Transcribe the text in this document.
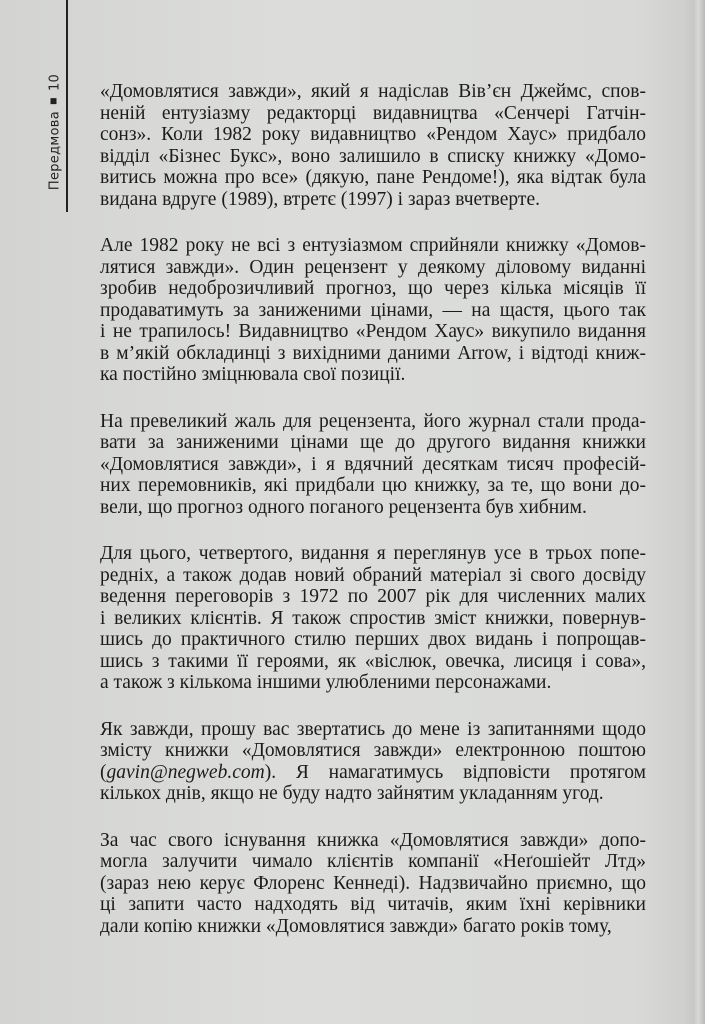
Передмова10 «Домовлятися завжди», який я надіслав Вів’єн Джеймс, спов-
неній ентузіазму редакторці видавництва «Сенчері Гатчін-
сонз». Коли 1982 року видавництво «Рендом Хаус» придбало
відділ «Бізнес Букс», воно залишило в списку книжку «Домо-
витись можна про все» (дякую, пане Рендоме!), яка відтак була
видана вдруге (1989), втретє (1997) і зараз вчетверте.
Але 1982 року не всі з ентузіазмом сприйняли книжку «Домов-
лятися завжди». Один рецензент у деякому діловому виданні
зробив недоброзичливий прогноз, що через кілька місяців її
продаватимуть за заниженими цінами, — на щастя, цього так
і не трапилось! Видавництво «Рендом Хаус» викупило видання
в м’якій обкладинці з вихідними даними Arrow, і відтоді книж-
ка постійно зміцнювала свої позиції.
На превеликий жаль для рецензента, його журнал стали прода-
вати за заниженими цінами ще до другого видання книжки
«Домовлятися завжди», і я вдячний десяткам тисяч професій-
них перемовників, які придбали цю книжку, за те, що вони до-
вели, що прогноз одного поганого рецензента був хибним.
Для цього, четвертого, видання я переглянув усе в трьох попе-
редніх, а також додав новий обраний матеріал зі свого досвіду
ведення переговорів з 1972 по 2007 рік для численних малих
і великих клієнтів. Я також спростив зміст книжки, повернув-
шись до практичного стилю перших двох видань і попрощав-
шись з такими її героями, як «віслюк, овечка, лисиця і сова»,
а також з кількома іншими улюбленими персонажами.
Як завжди, прошу вас звертатись до мене із запитаннями щодо
змісту книжки «Домовлятися завжди» електронною поштою
(gavin@negweb.com). Я намагатимусь відповісти протягом
кількох днів, якщо не буду надто зайнятим укладанням угод.
За час свого існування книжка «Домовлятися завжди» допо-
могла залучити чимало клієнтів компанії «Неґошіейт Лтд»
(зараз нею керує Флоренс Кеннеді). Надзвичайно приємно, що
ці запити часто надходять від читачів, яким їхні керівники
дали копію книжки «Домовлятися завжди» багато років тому,
